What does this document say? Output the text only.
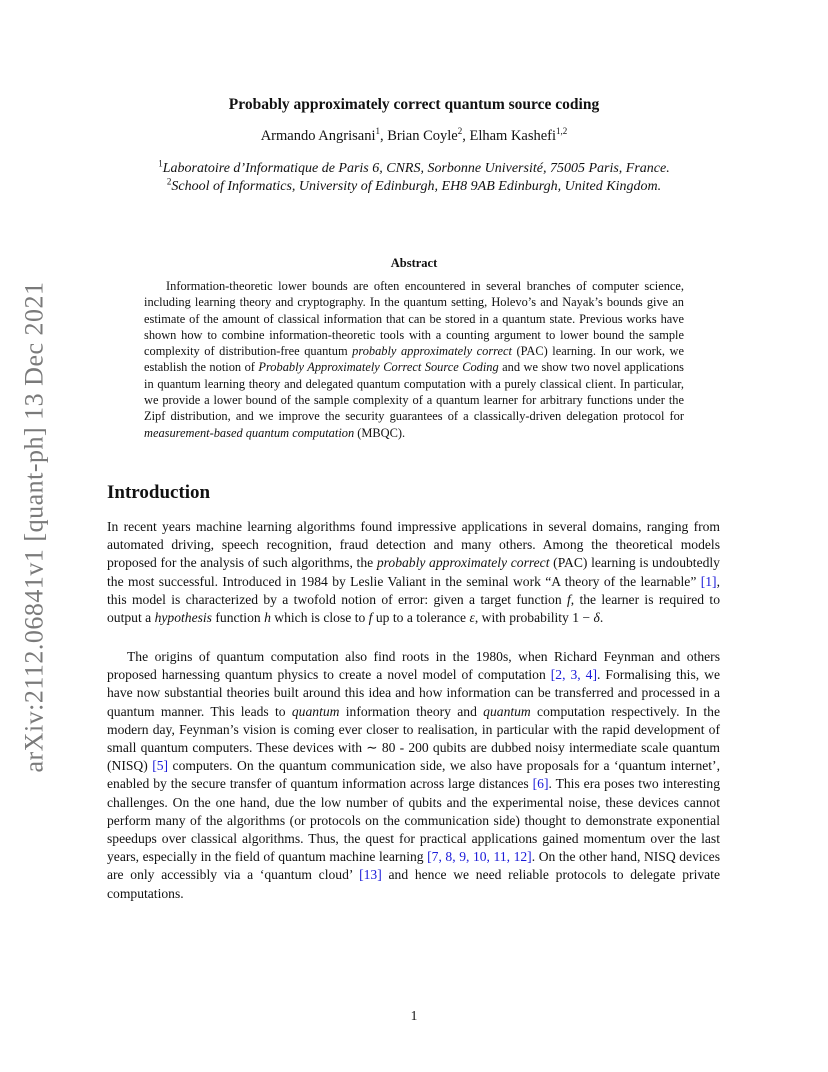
arXiv:2112.06841v1 [quant-ph] 13 Dec 2021
Probably approximately correct quantum source coding
Armando Angrisani$^1$, Brian Coyle$^2$, Elham Kashefi$^{1,2}$
$^1$Laboratoire d’Informatique de Paris 6, CNRS, Sorbonne Université, 75005 Paris, France.
$^2$School of Informatics, University of Edinburgh, EH8 9AB Edinburgh, United Kingdom.
Abstract

Information-theoretic lower bounds are often encountered in several branches of computer science, including learning theory and cryptography. In the quantum setting, Holevo’s and Nayak’s bounds give an estimate of the amount of classical information that can be stored in a quantum state. Previous works have shown how to combine information-theoretic tools with a counting argument to lower bound the sample complexity of distribution-free quantum probably approximately correct (PAC) learning. In our work, we establish the notion of Probably Approximately Correct Source Coding and we show two novel applications in quantum learning theory and delegated quantum computation with a purely classical client. In particular, we provide a lower bound of the sample complexity of a quantum learner for arbitrary functions under the Zipf distribution, and we improve the security guarantees of a classically-driven delegation protocol for measurement-based quantum computation (MBQC).

Introduction

In recent years machine learning algorithms found impressive applications in several domains, ranging from automated driving, speech recognition, fraud detection and many others. Among the theoretical models proposed for the analysis of such algorithms, the probably approximately correct (PAC) learning is undoubtedly the most successful. Introduced in 1984 by Leslie Valiant in the seminal work “A theory of the learnable” [1], this model is characterized by a twofold notion of error: given a target function f, the learner is required to output a hypothesis function h which is close to f up to a tolerance ε, with probability 1 − δ.

The origins of quantum computation also find roots in the 1980s, when Richard Feynman and others proposed harnessing quantum physics to create a novel model of computation [2, 3, 4]. Formalising this, we have now substantial theories built around this idea and how information can be transferred and processed in a quantum manner. This leads to quantum information theory and quantum computation respectively. In the modern day, Feynman’s vision is coming ever closer to realisation, in particular with the rapid development of small quantum computers. These devices with ∼ 80 - 200 qubits are dubbed noisy intermediate scale quantum (NISQ) [5] computers. On the quantum communication side, we also have proposals for a ‘quantum internet’, enabled by the secure transfer of quantum information across large distances [6]. This era poses two interesting challenges. On the one hand, due the low number of qubits and the experimental noise, these devices cannot perform many of the algorithms (or protocols on the communication side) thought to demonstrate exponential speedups over classical algorithms. Thus, the quest for practical applications gained momentum over the last years, especially in the field of quantum machine learning [7, 8, 9, 10, 11, 12]. On the other hand, NISQ devices are only accessibly via a ‘quantum cloud’ [13] and hence we need reliable protocols to delegate private computations.

1
